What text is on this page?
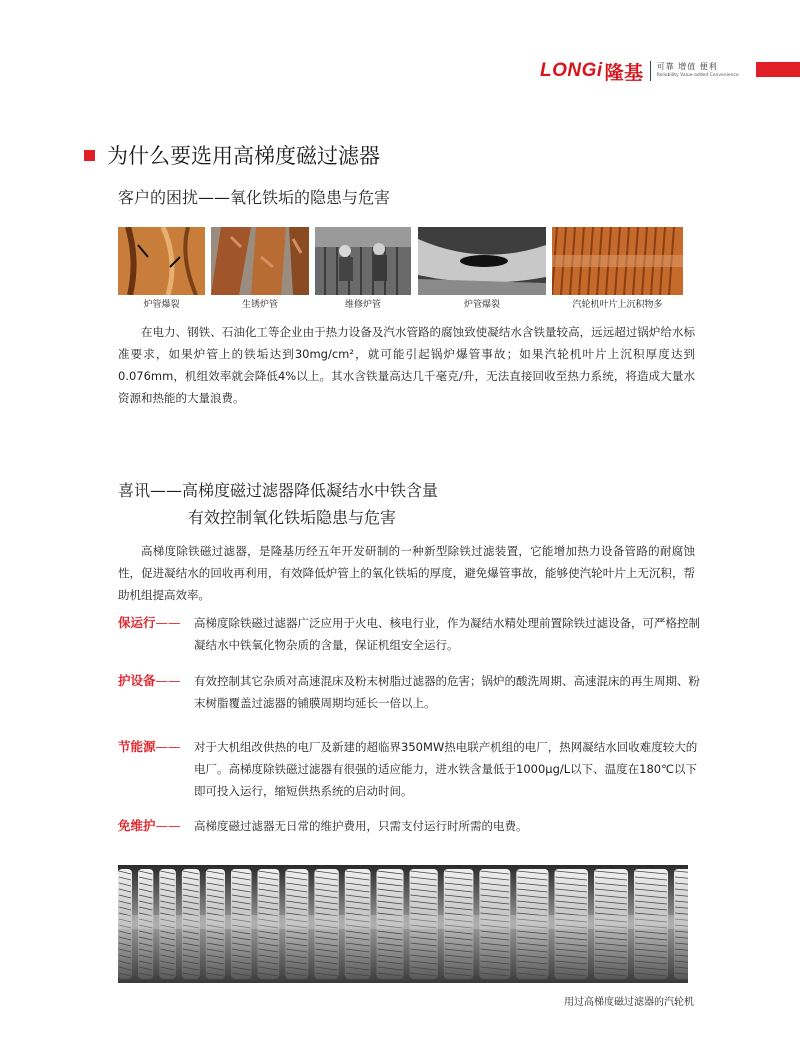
LONGi 隆基 可靠 增值 便利
Reliability Value-added Convenience
为什么要选用高梯度磁过滤器
客户的困扰——氧化铁垢的隐患与危害
炉管爆裂	生锈炉管	维修炉管	炉管爆裂	汽轮机叶片上沉积物多

在电力、钢铁、石油化工等企业由于热力设备及汽水管路的腐蚀致使凝结水含铁量较高，远远超过锅炉给水标准要求，如果炉管上的铁垢达到30mg/cm²，就可能引起锅炉爆管事故；如果汽轮机叶片上沉积厚度达到0.076mm，机组效率就会降低4%以上。其水含铁量高达几千毫克/升，无法直接回收至热力系统，将造成大量水资源和热能的大量浪费。

喜讯——高梯度磁过滤器降低凝结水中铁含量
有效控制氧化铁垢隐患与危害

高梯度除铁磁过滤器，是隆基历经五年开发研制的一种新型除铁过滤装置，它能增加热力设备管路的耐腐蚀性，促进凝结水的回收再利用，有效降低炉管上的氧化铁垢的厚度，避免爆管事故，能够使汽轮叶片上无沉积，帮助机组提高效率。

保运行——	高梯度除铁磁过滤器广泛应用于火电、核电行业，作为凝结水精处理前置除铁过滤设备，可严格控制凝结水中铁氧化物杂质的含量，保证机组安全运行。
护设备——	有效控制其它杂质对高速混床及粉末树脂过滤器的危害；锅炉的酸洗周期、高速混床的再生周期、粉末树脂覆盖过滤器的铺膜周期均延长一倍以上。
节能源——	对于大机组改供热的电厂及新建的超临界350MW热电联产机组的电厂，热网凝结水回收难度较大的电厂。高梯度除铁磁过滤器有很强的适应能力，进水铁含量低于1000μg/L以下、温度在180℃以下即可投入运行，缩短供热系统的启动时间。
免维护——	高梯度磁过滤器无日常的维护费用，只需支付运行时所需的电费。
用过高梯度磁过滤器的汽轮机
